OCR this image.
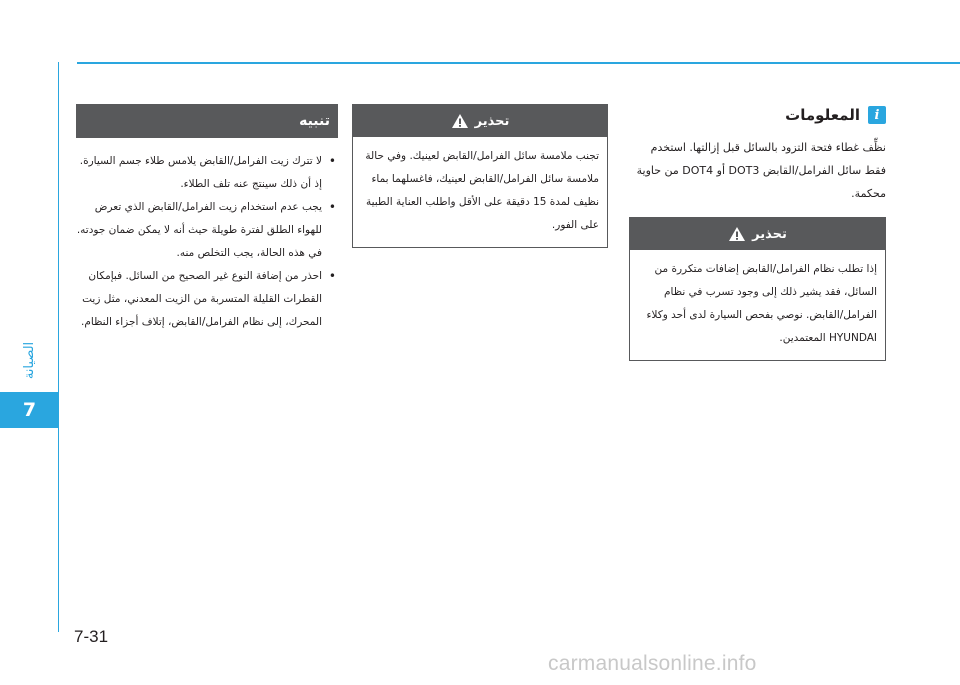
الصيانة
7
7-31
تنبيه
• لا تترك زيت الفرامل/القابض يلامس طلاء جسم السيارة. إذ أن ذلك سينتج عنه تلف الطلاء.
• يجب عدم استخدام زيت الفرامل/القابض الذي تعرض للهواء الطلق لفترة طويلة حيث أنه لا يمكن ضمان جودته. في هذه الحالة، يجب التخلص منه.
• احذر من إضافة النوع غير الصحيح من السائل. فبإمكان القطرات القليلة المتسربة من الزيت المعدني، مثل زيت المحرك، إلى نظام الفرامل/القابض، إتلاف أجزاء النظام.
تحذير
تجنب ملامسة سائل الفرامل/القابض لعينيك. وفي حالة ملامسة سائل الفرامل/القابض لعينيك، فاغسلهما بماء نظيف لمدة 15 دقيقة على الأقل واطلب العناية الطبية على الفور.
i
المعلومات
نظِّف غطاء فتحة التزود بالسائل قبل إزالتها. استخدم فقط سائل الفرامل/القابض DOT3 أو DOT4 من حاوية محكمة.
تحذير
إذا تطلب نظام الفرامل/القابض إضافات متكررة من السائل، فقد يشير ذلك إلى وجود تسرب في نظام الفرامل/القابض. نوصي بفحص السيارة لدى أحد وكلاء HYUNDAI المعتمدين.
carmanualsonline.info
